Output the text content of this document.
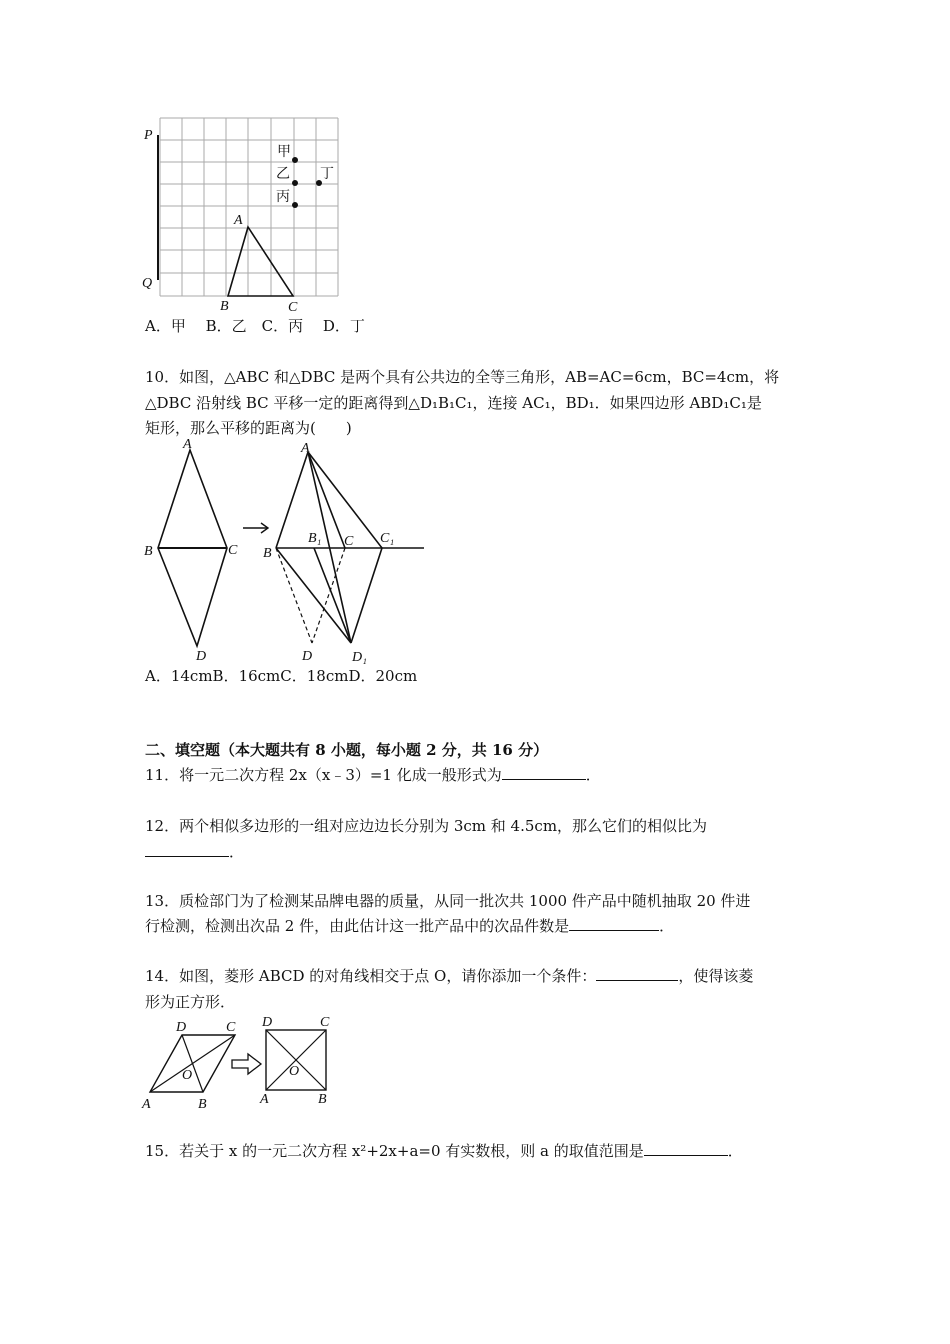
P
Q
A
B	C
甲
乙
丙
丁
A．甲　 B．乙　C．丙　 D．丁
10．如图，△ABC 和△DBC 是两个具有公共边的全等三角形，AB=AC=6cm，BC=4cm，将
△DBC 沿射线 BC 平移一定的距离得到△D₁B₁C₁，连接 AC₁，BD₁．如果四边形 ABD₁C₁是
矩形，那么平移的距离为(　　)
A
B	C
D
A
B
B₁ C C₁
D	D₁
A．14cmB．16cmC．18cmD．20cm
二、填空题（本大题共有 8 小题，每小题 2 分，共 16 分）
11．将一元二次方程 2x（x﹣3）=1 化成一般形式为	．
12．两个相似多边形的一组对应边边长分别为 3cm 和 4.5cm，那么它们的相似比为
．
13．质检部门为了检测某品牌电器的质量，从同一批次共 1000 件产品中随机抽取 20 件进
行检测，检测出次品 2 件，由此估计这一批产品中的次品件数是	．
14．如图，菱形 ABCD 的对角线相交于点 O，请你添加一个条件：	，使得该菱
形为正方形．
A	B
C
D
O
A	B
C
D
O
15．若关于 x 的一元二次方程 x²+2x+a=0 有实数根，则 a 的取值范围是	．
